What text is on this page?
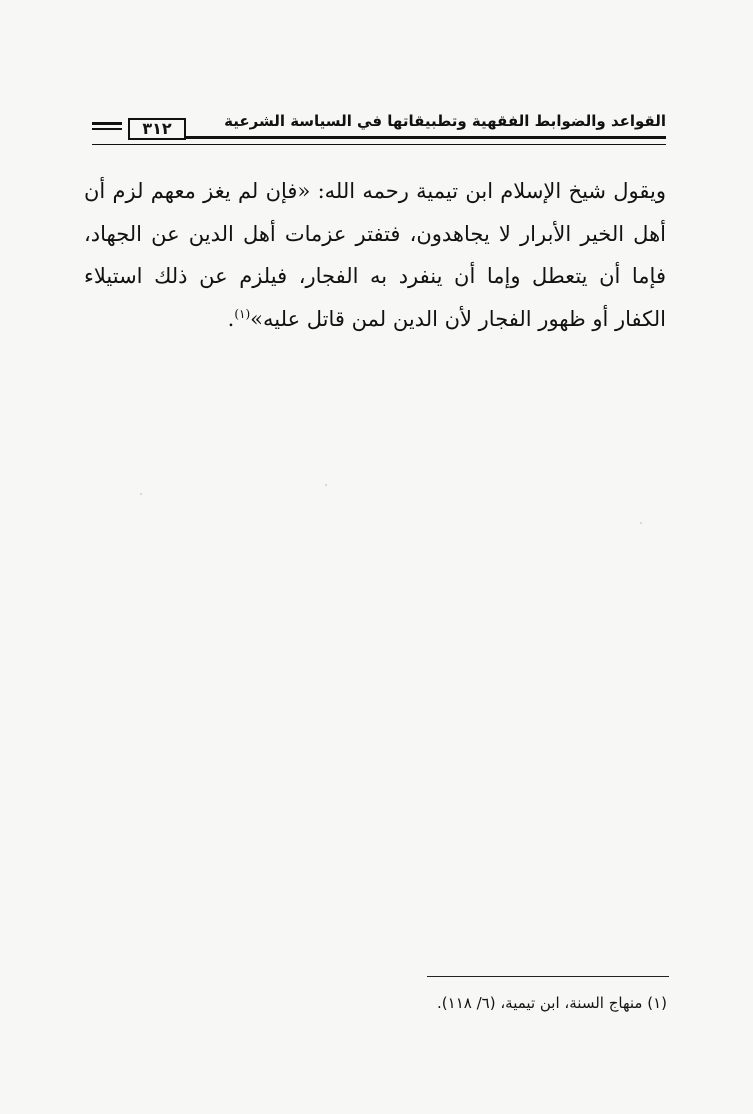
القواعد والضوابط الفقهية وتطبيقاتها في السياسة الشرعية
٣١٢
ويقول شيخ الإسلام ابن تيمية رحمه الله: «فإن لم يغز معهم لزم أن أهل الخير الأبرار لا يجاهدون، فتفتر عزمات أهل الدين عن الجهاد، فإما أن يتعطل وإما أن ينفرد به الفجار، فيلزم عن ذلك استيلاء الكفار أو ظهور الفجار لأن الدين لمن قاتل عليه»$^{(١)}$.
(١) منهاج السنة، ابن تيمية، (٦/ ١١٨).
